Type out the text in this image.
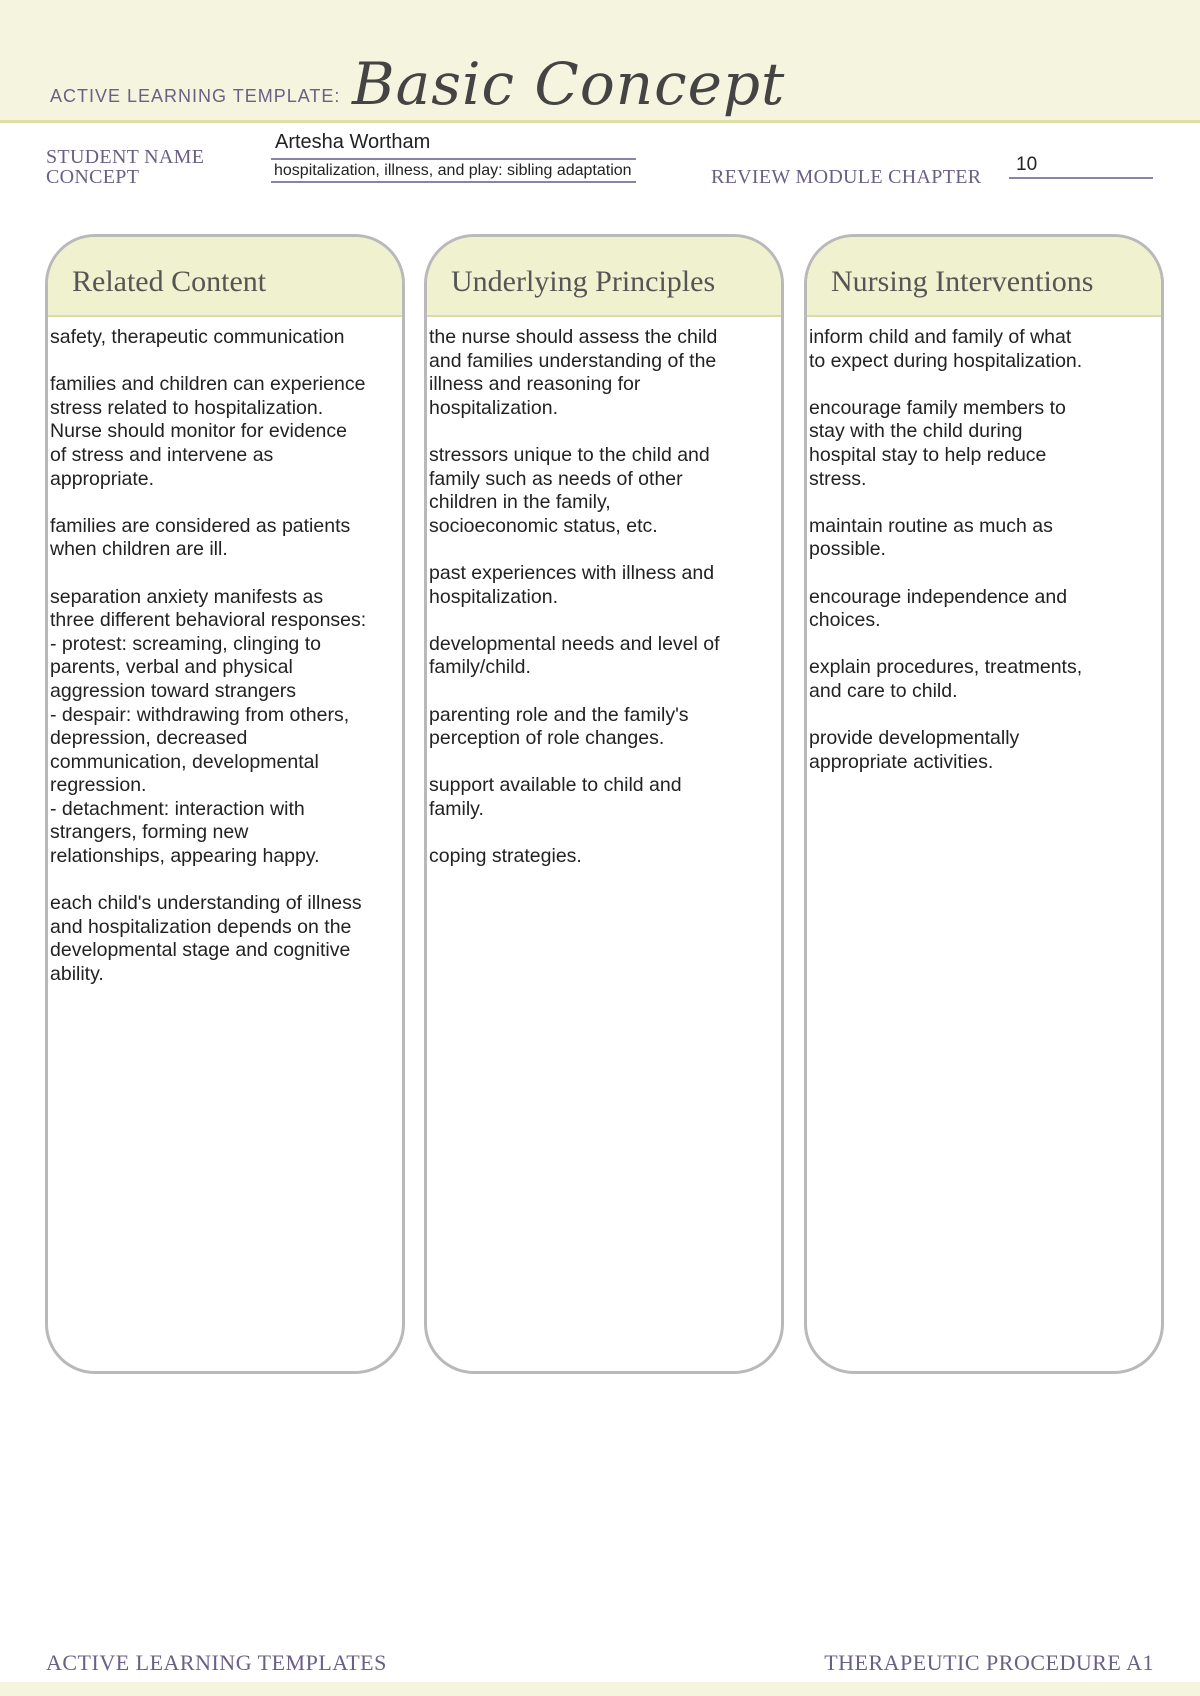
ACTIVE LEARNING TEMPLATE: Basic Concept
STUDENT NAME
Artesha Wortham
CONCEPT	hospitalization, illness, and play: sibling adaptation	REVIEW MODULE CHAPTER
10
Related Content
safety, therapeutic communication
families and children can experience
stress related to hospitalization.
Nurse should monitor for evidence
of stress and intervene as
appropriate.
families are considered as patients
when children are ill.
separation anxiety manifests as
three different behavioral responses:
- protest: screaming, clinging to
parents, verbal and physical
aggression toward strangers
- despair: withdrawing from others,
depression, decreased
communication, developmental
regression.
- detachment: interaction with
strangers, forming new
relationships, appearing happy.
each child's understanding of illness
and hospitalization depends on the
developmental stage and cognitive
ability.
Underlying Principles
the nurse should assess the child
and families understanding of the
illness and reasoning for
hospitalization.
stressors unique to the child and
family such as needs of other
children in the family,
socioeconomic status, etc.
past experiences with illness and
hospitalization.
developmental needs and level of
family/child.
parenting role and the family's
perception of role changes.
support available to child and
family.
coping strategies.
Nursing Interventions
inform child and family of what
to expect during hospitalization.
encourage family members to
stay with the child during
hospital stay to help reduce
stress.
maintain routine as much as
possible.
encourage independence and
choices.
explain procedures, treatments,
and care to child.
provide developmentally
appropriate activities.
ACTIVE LEARNING TEMPLATES	THERAPEUTIC PROCEDURE A1
